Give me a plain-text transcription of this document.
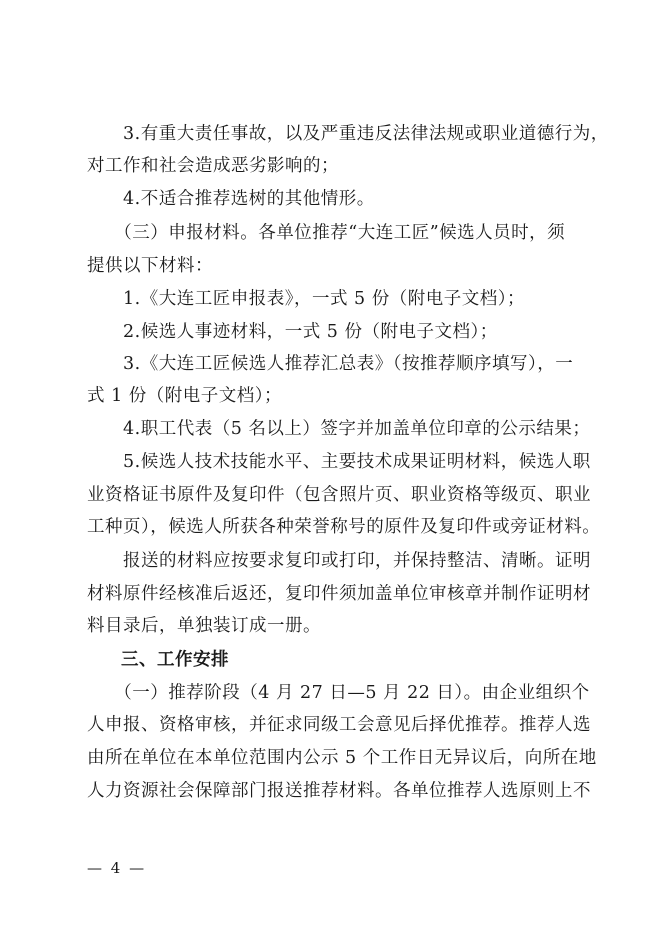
　　3.有重大责任事故，以及严重违反法律法规或职业道德行为，
对工作和社会造成恶劣影响的；
　　4.不适合推荐选树的其他情形。
　　（三）申报材料。各单位推荐“大连工匠”候选人员时，须
提供以下材料：
　　1.《大连工匠申报表》，一式 5 份（附电子文档）；
　　2.候选人事迹材料，一式 5 份（附电子文档）；
　　3.《大连工匠候选人推荐汇总表》（按推荐顺序填写），一
式 1 份（附电子文档）；
　　4.职工代表（5 名以上）签字并加盖单位印章的公示结果；
　　5.候选人技术技能水平、主要技术成果证明材料，候选人职
业资格证书原件及复印件（包含照片页、职业资格等级页、职业
工种页），候选人所获各种荣誉称号的原件及复印件或旁证材料。
　　报送的材料应按要求复印或打印，并保持整洁、清晰。证明
材料原件经核准后返还，复印件须加盖单位审核章并制作证明材
料目录后，单独装订成一册。
三、工作安排
　　（一）推荐阶段（4 月 27 日—5 月 22 日）。由企业组织个
人申报、资格审核，并征求同级工会意见后择优推荐。推荐人选
由所在单位在本单位范围内公示 5 个工作日无异议后，向所在地
人力资源社会保障部门报送推荐材料。各单位推荐人选原则上不
— 4 —
